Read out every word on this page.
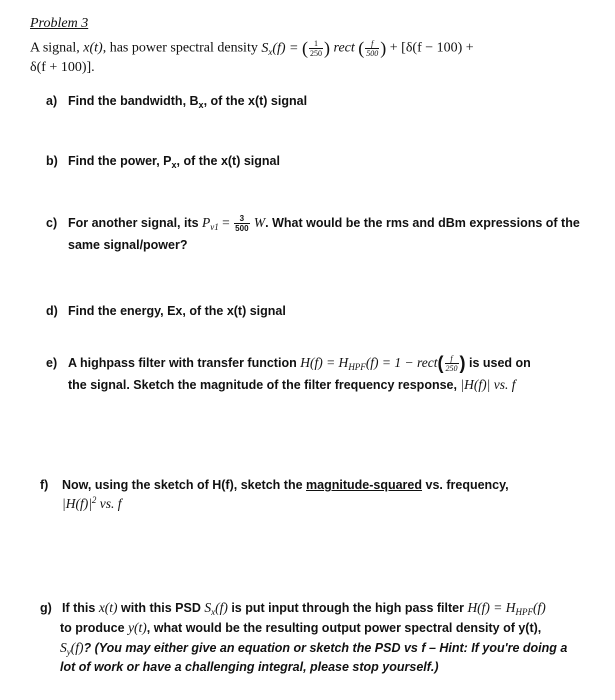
Problem 3
A signal, x(t), has power spectral density $S_x(f)$ = ( $\frac{1}{250}$ ) rect ( $\frac{f}{500}$ ) + [δ(f − 100) +
δ(f + 100)].
a) Find the bandwidth, $B_x$, of the x(t) signal
b) Find the power, $P_x$, of the x(t) signal
c) For another signal, its $P_{v1} = \frac{3}{500} W$. What would be the rms and dBm expressions of the
same signal/power?
d) Find the energy, Ex, of the x(t) signal
e) A highpass filter with transfer function $H(f) = H_{HPF}(f) = 1$ − rect( $\frac{f}{250}$ ) is used on
the signal. Sketch the magnitude of the filter frequency response, |H(f)| vs. f
f) Now, using the sketch of H(f), sketch the magnitude-squared vs. frequency,
$|H(f)|^2$ vs. f
g) If this x(t) with this PSD $S_x(f)$ is put input through the high pass filter $H(f) = H_{HPF}(f)$
to produce y(t), what would be the resulting output power spectral density of y(t),
$S_y(f)$? (You may either give an equation or sketch the PSD vs f – Hint: If you're doing a
lot of work or have a challenging integral, please stop yourself.)
